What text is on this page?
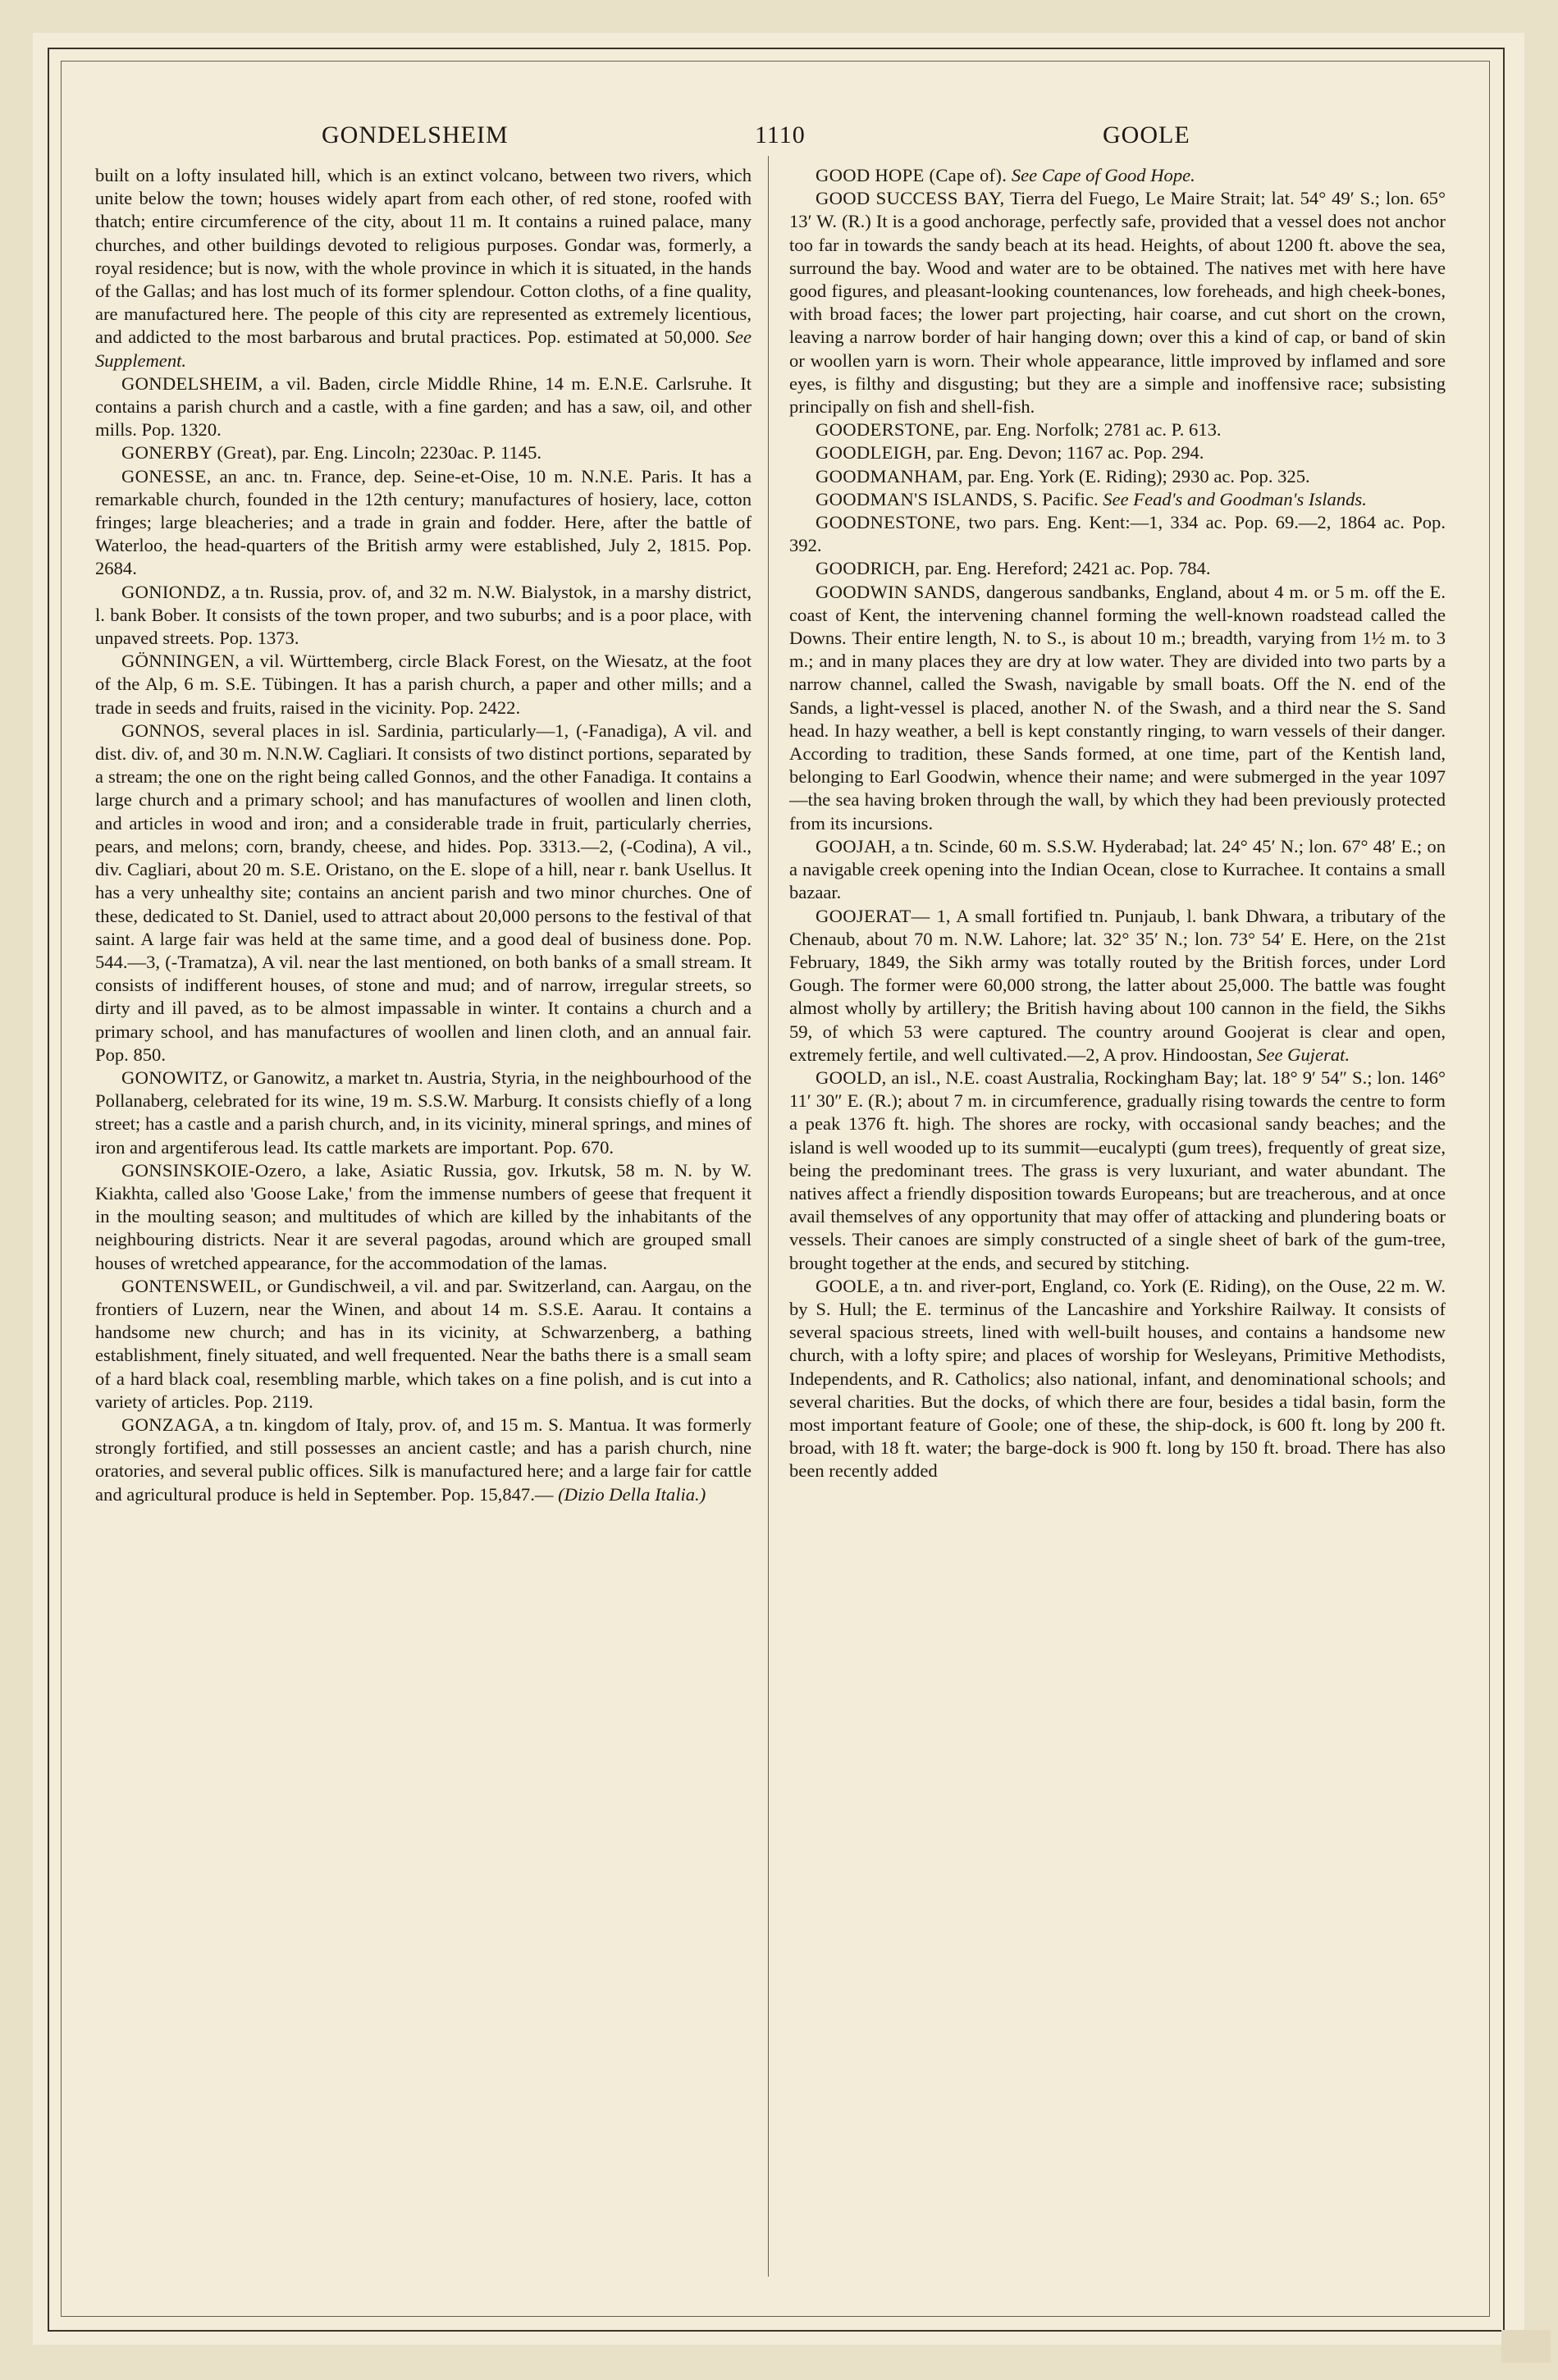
GONDELSHEIM	1110	GOOLE

built on a lofty insulated hill, which is an extinct volcano, between two rivers, which unite below the town; houses widely apart from each other, of red stone, roofed with thatch; entire circumference of the city, about 11 m. It contains a ruined palace, many churches, and other buildings devoted to religious purposes. Gondar was, formerly, a royal residence; but is now, with the whole province in which it is situated, in the hands of the Gallas; and has lost much of its former splendour. Cotton cloths, of a fine quality, are manufactured here. The people of this city are represented as extremely licentious, and addicted to the most barbarous and brutal practices. Pop. estimated at 50,000. See Supplement.

GONDELSHEIM, a vil. Baden, circle Middle Rhine, 14 m. E.N.E. Carlsruhe. It contains a parish church and a castle, with a fine garden; and has a saw, oil, and other mills. Pop. 1320.

GONERBY (Great), par. Eng. Lincoln; 2230ac. P. 1145.

GONESSE, an anc. tn. France, dep. Seine-et-Oise, 10 m. N.N.E. Paris. It has a remarkable church, founded in the 12th century; manufactures of hosiery, lace, cotton fringes; large bleacheries; and a trade in grain and fodder. Here, after the battle of Waterloo, the head-quarters of the British army were established, July 2, 1815. Pop. 2684.

GONIONDZ, a tn. Russia, prov. of, and 32 m. N.W. Bialystok, in a marshy district, l. bank Bober. It consists of the town proper, and two suburbs; and is a poor place, with unpaved streets. Pop. 1373.

GÖNNINGEN, a vil. Württemberg, circle Black Forest, on the Wiesatz, at the foot of the Alp, 6 m. S.E. Tübingen. It has a parish church, a paper and other mills; and a trade in seeds and fruits, raised in the vicinity. Pop. 2422.

GONNOS, several places in isl. Sardinia, particularly—1, (-Fanadiga), A vil. and dist. div. of, and 30 m. N.N.W. Cagliari. It consists of two distinct portions, separated by a stream; the one on the right being called Gonnos, and the other Fanadiga. It contains a large church and a primary school; and has manufactures of woollen and linen cloth, and articles in wood and iron; and a considerable trade in fruit, particularly cherries, pears, and melons; corn, brandy, cheese, and hides. Pop. 3313.—2, (-Codina), A vil., div. Cagliari, about 20 m. S.E. Oristano, on the E. slope of a hill, near r. bank Usellus. It has a very unhealthy site; contains an ancient parish and two minor churches. One of these, dedicated to St. Daniel, used to attract about 20,000 persons to the festival of that saint. A large fair was held at the same time, and a good deal of business done. Pop. 544.—3, (-Tramatza), A vil. near the last mentioned, on both banks of a small stream. It consists of indifferent houses, of stone and mud; and of narrow, irregular streets, so dirty and ill paved, as to be almost impassable in winter. It contains a church and a primary school, and has manufactures of woollen and linen cloth, and an annual fair. Pop. 850.

GONOWITZ, or Ganowitz, a market tn. Austria, Styria, in the neighbourhood of the Pollanaberg, celebrated for its wine, 19 m. S.S.W. Marburg. It consists chiefly of a long street; has a castle and a parish church, and, in its vicinity, mineral springs, and mines of iron and argentiferous lead. Its cattle markets are important. Pop. 670.

GONSINSKOIE-Ozero, a lake, Asiatic Russia, gov. Irkutsk, 58 m. N. by W. Kiakhta, called also 'Goose Lake,' from the immense numbers of geese that frequent it in the moulting season; and multitudes of which are killed by the inhabitants of the neighbouring districts. Near it are several pagodas, around which are grouped small houses of wretched appearance, for the accommodation of the lamas.

GONTENSWEIL, or Gundischweil, a vil. and par. Switzerland, can. Aargau, on the frontiers of Luzern, near the Winen, and about 14 m. S.S.E. Aarau. It contains a handsome new church; and has in its vicinity, at Schwarzenberg, a bathing establishment, finely situated, and well frequented. Near the baths there is a small seam of a hard black coal, resembling marble, which takes on a fine polish, and is cut into a variety of articles. Pop. 2119.

GONZAGA, a tn. kingdom of Italy, prov. of, and 15 m. S. Mantua. It was formerly strongly fortified, and still possesses an ancient castle; and has a parish church, nine oratories, and several public offices. Silk is manufactured here; and a large fair for cattle and agricultural produce is held in September. Pop. 15,847.— (Dizio Della Italia.)

GOOD HOPE (Cape of). See Cape of Good Hope.

GOOD SUCCESS BAY, Tierra del Fuego, Le Maire Strait; lat. 54° 49′ S.; lon. 65° 13′ W. (R.) It is a good anchorage, perfectly safe, provided that a vessel does not anchor too far in towards the sandy beach at its head. Heights, of about 1200 ft. above the sea, surround the bay. Wood and water are to be obtained. The natives met with here have good figures, and pleasant-looking countenances, low foreheads, and high cheek-bones, with broad faces; the lower part projecting, hair coarse, and cut short on the crown, leaving a narrow border of hair hanging down; over this a kind of cap, or band of skin or woollen yarn is worn. Their whole appearance, little improved by inflamed and sore eyes, is filthy and disgusting; but they are a simple and inoffensive race; subsisting principally on fish and shell-fish.

GOODERSTONE, par. Eng. Norfolk; 2781 ac. P. 613.

GOODLEIGH, par. Eng. Devon; 1167 ac. Pop. 294.

GOODMANHAM, par. Eng. York (E. Riding); 2930 ac. Pop. 325.

GOODMAN'S ISLANDS, S. Pacific. See Fead's and Goodman's Islands.

GOODNESTONE, two pars. Eng. Kent:—1, 334 ac. Pop. 69.—2, 1864 ac. Pop. 392.

GOODRICH, par. Eng. Hereford; 2421 ac. Pop. 784.

GOODWIN SANDS, dangerous sandbanks, England, about 4 m. or 5 m. off the E. coast of Kent, the intervening channel forming the well-known roadstead called the Downs. Their entire length, N. to S., is about 10 m.; breadth, varying from 1½ m. to 3 m.; and in many places they are dry at low water. They are divided into two parts by a narrow channel, called the Swash, navigable by small boats. Off the N. end of the Sands, a light-vessel is placed, another N. of the Swash, and a third near the S. Sand head. In hazy weather, a bell is kept constantly ringing, to warn vessels of their danger. According to tradition, these Sands formed, at one time, part of the Kentish land, belonging to Earl Goodwin, whence their name; and were submerged in the year 1097—the sea having broken through the wall, by which they had been previously protected from its incursions.

GOOJAH, a tn. Scinde, 60 m. S.S.W. Hyderabad; lat. 24° 45′ N.; lon. 67° 48′ E.; on a navigable creek opening into the Indian Ocean, close to Kurrachee. It contains a small bazaar.

GOOJERAT— 1, A small fortified tn. Punjaub, l. bank Dhwara, a tributary of the Chenaub, about 70 m. N.W. Lahore; lat. 32° 35′ N.; lon. 73° 54′ E. Here, on the 21st February, 1849, the Sikh army was totally routed by the British forces, under Lord Gough. The former were 60,000 strong, the latter about 25,000. The battle was fought almost wholly by artillery; the British having about 100 cannon in the field, the Sikhs 59, of which 53 were captured. The country around Goojerat is clear and open, extremely fertile, and well cultivated.—2, A prov. Hindoostan, See Gujerat.

GOOLD, an isl., N.E. coast Australia, Rockingham Bay; lat. 18° 9′ 54″ S.; lon. 146° 11′ 30″ E. (R.); about 7 m. in circumference, gradually rising towards the centre to form a peak 1376 ft. high. The shores are rocky, with occasional sandy beaches; and the island is well wooded up to its summit—eucalypti (gum trees), frequently of great size, being the predominant trees. The grass is very luxuriant, and water abundant. The natives affect a friendly disposition towards Europeans; but are treacherous, and at once avail themselves of any opportunity that may offer of attacking and plundering boats or vessels. Their canoes are simply constructed of a single sheet of bark of the gum-tree, brought together at the ends, and secured by stitching.

GOOLE, a tn. and river-port, England, co. York (E. Riding), on the Ouse, 22 m. W. by S. Hull; the E. terminus of the Lancashire and Yorkshire Railway. It consists of several spacious streets, lined with well-built houses, and contains a handsome new church, with a lofty spire; and places of worship for Wesleyans, Primitive Methodists, Independents, and R. Catholics; also national, infant, and denominational schools; and several charities. But the docks, of which there are four, besides a tidal basin, form the most important feature of Goole; one of these, the ship-dock, is 600 ft. long by 200 ft. broad, with 18 ft. water; the barge-dock is 900 ft. long by 150 ft. broad. There has also been recently added
